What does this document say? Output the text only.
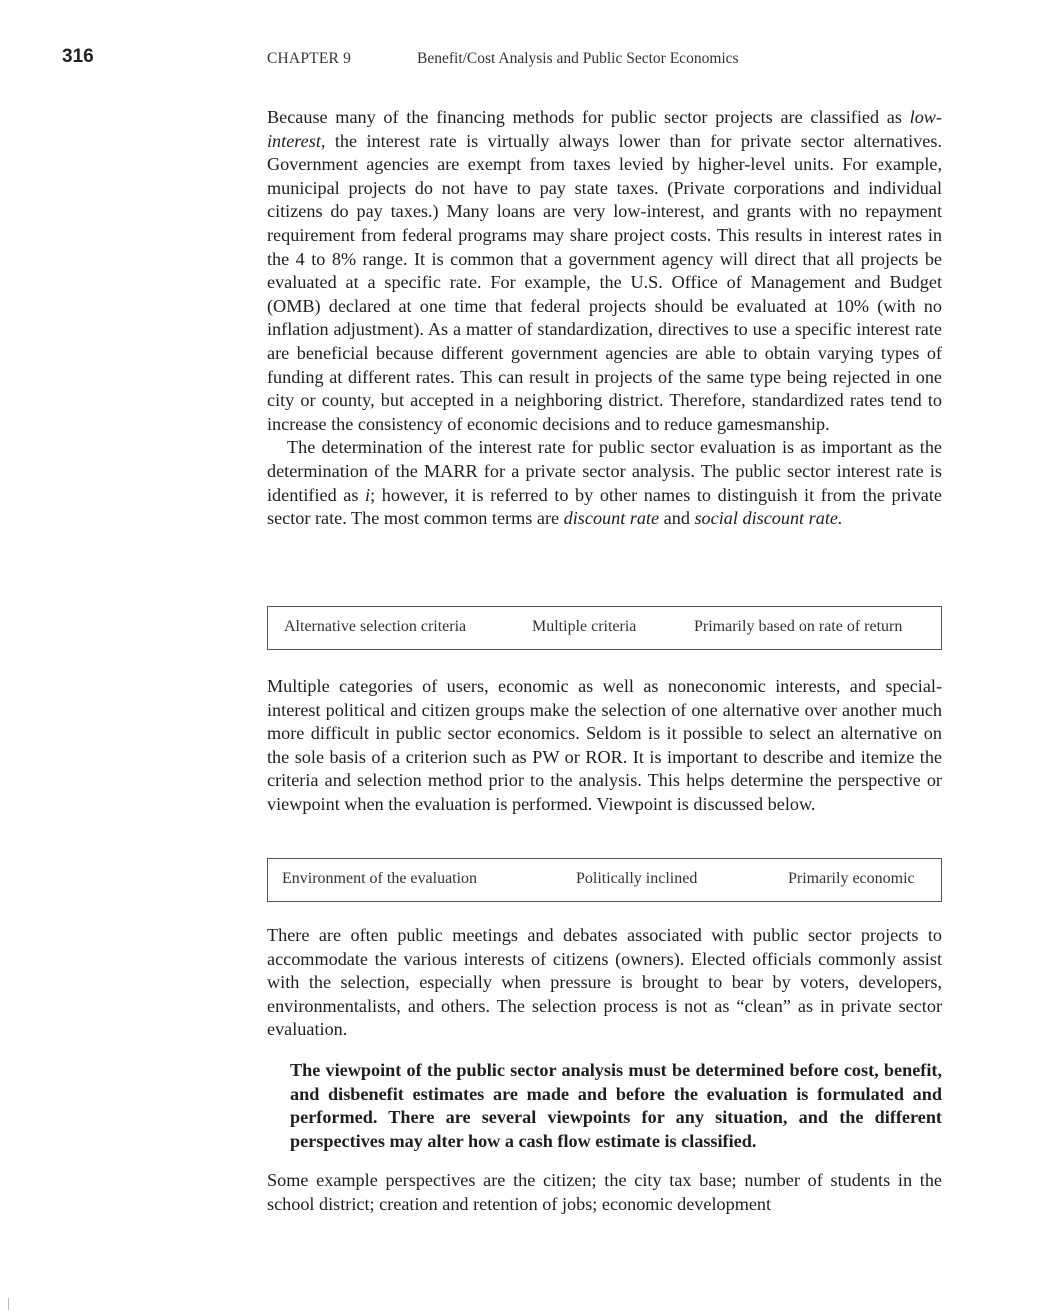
316	CHAPTER 9	Benefit/Cost Analysis and Public Sector Economics

Because many of the financing methods for public sector projects are classified as low-interest, the interest rate is virtually always lower than for private sector alternatives. Government agencies are exempt from taxes levied by higher-level units. For example, municipal projects do not have to pay state taxes. (Private corporations and individual citizens do pay taxes.) Many loans are very low-interest, and grants with no repayment requirement from federal programs may share project costs. This results in interest rates in the 4 to 8% range. It is common that a government agency will direct that all projects be evaluated at a specific rate. For example, the U.S. Office of Management and Budget (OMB) declared at one time that federal projects should be evaluated at 10% (with no inflation adjustment). As a matter of standardization, directives to use a specific interest rate are beneficial because different government agencies are able to obtain varying types of funding at different rates. This can result in projects of the same type being rejected in one city or county, but accepted in a neighboring district. Therefore, standardized rates tend to increase the consistency of economic decisions and to reduce gamesmanship.

The determination of the interest rate for public sector evaluation is as important as the determination of the MARR for a private sector analysis. The public sector interest rate is identified as i; however, it is referred to by other names to distinguish it from the private sector rate. The most common terms are discount rate and social discount rate.

Alternative selection criteria	Multiple criteria	Primarily based on rate of return
Multiple categories of users, economic as well as noneconomic interests, and special-interest political and citizen groups make the selection of one alternative over another much more difficult in public sector economics. Seldom is it possible to select an alternative on the sole basis of a criterion such as PW or ROR. It is important to describe and itemize the criteria and selection method prior to the analysis. This helps determine the perspective or viewpoint when the evaluation is performed. Viewpoint is discussed below.
Environment of the evaluation	Politically inclined	Primarily economic
There are often public meetings and debates associated with public sector projects to accommodate the various interests of citizens (owners). Elected officials commonly assist with the selection, especially when pressure is brought to bear by voters, developers, environmentalists, and others. The selection process is not as “clean” as in private sector evaluation.
The viewpoint of the public sector analysis must be determined before cost, benefit, and disbenefit estimates are made and before the evaluation is formulated and performed. There are several viewpoints for any situation, and the different perspectives may alter how a cash flow estimate is classified.
Some example perspectives are the citizen; the city tax base; number of students in the school district; creation and retention of jobs; economic development
